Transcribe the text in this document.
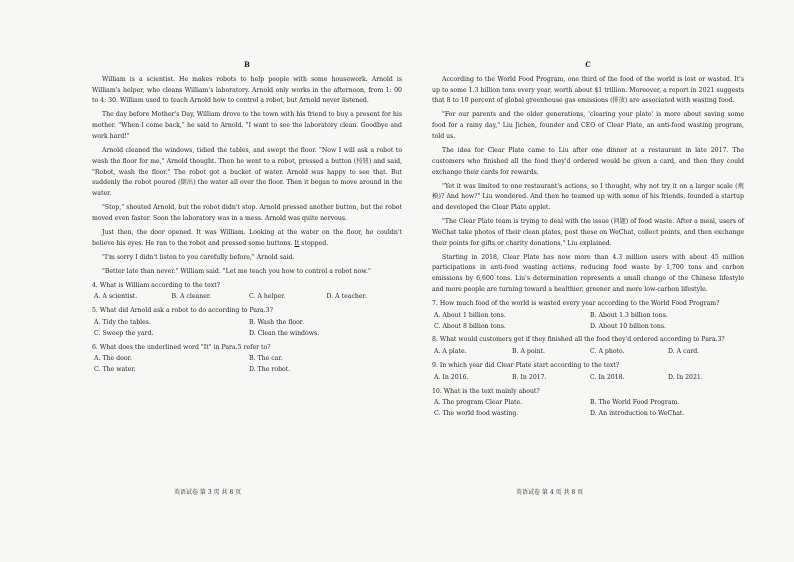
B
William is a scientist. He makes robots to help people with some housework. Arnold is William's helper, who cleans William's laboratory. Arnold only works in the afternoon, from 1: 00 to 4: 30. William used to teach Arnold how to control a robot, but Arnold never listened.
The day before Mother's Day, William drove to the town with his friend to buy a present for his mother. "When I come back," he said to Arnold. "I want to see the laboratory clean. Goodbye and work hard!"
Arnold cleaned the windows, tidied the tables, and swept the floor. "Now I will ask a robot to wash the floor for me," Arnold thought. Then he went to a robot, pressed a button (按钮) and said, "Robot, wash the floor." The robot got a bucket of water. Arnold was happy to see that. But suddenly the robot poured (倒出) the water all over the floor. Then it began to move around in the water.
"Stop," shouted Arnold, but the robot didn't stop. Arnold pressed another button, but the robot moved even faster. Soon the laboratory was in a mess. Arnold was quite nervous.
Just then, the door opened. It was William. Looking at the water on the floor, he couldn't believe his eyes. He ran to the robot and pressed some buttons. It stopped.
"I'm sorry I didn't listen to you carefully before," Arnold said.
"Better late than never." William said. "Let me teach you how to control a robot now."
4. What is William according to the text?
A. A scientist.	B. A cleaner.	C. A helper.	D. A teacher.
5. What did Arnold ask a robot to do according to Para.3?
A. Tidy the tables.	B. Wash the floor.
C. Sweep the yard.	D. Clean the windows.
6. What does the underlined word "It" in Para.5 refer to?
A. The door.	B. The car.
C. The water.	D. The robot.
英语试卷 第 3 页 共 8 页
C
According to the World Food Program, one third of the food of the world is lost or wasted. It's up to some 1.3 billion tons every year, worth about $1 trillion. Moreover, a report in 2021 suggests that 8 to 10 percent of global greenhouse gas emissions (排放) are associated with wasting food.
"For our parents and the older generations, 'clearing your plate' is more about saving some food for a rainy day," Liu Jichen, founder and CEO of Clear Plate, an anti-food wasting program, told us.
The idea for Clear Plate came to Liu after one dinner at a restaurant in late 2017. The customers who finished all the food they'd ordered would be given a card, and then they could exchange their cards for rewards.
"Yet it was limited to one restaurant's actions, so I thought, why not try it on a larger scale (规模)? And how?" Liu wondered. And then he teamed up with some of his friends, founded a startup and developed the Clear Plate applet.
"The Clear Plate team is trying to deal with the issue (问题) of food waste. After a meal, users of WeChat take photos of their clean plates, post these on WeChat, collect points, and then exchange their points for gifts or charity donations," Liu explained.
Starting in 2018, Clear Plate has now more than 4.3 million users with about 45 million participations in anti-food wasting actions, reducing food waste by 1,700 tons and carbon emissions by 6,600 tons. Liu's determination represents a small change of the Chinese lifestyle and more people are turning toward a healthier, greener and more low-carbon lifestyle.
7. How much food of the world is wasted every year according to the World Food Program?
A. About 1 billion tons.	B. About 1.3 billion tons.
C. About 8 billion tons.	D. About 10 billion tons.
8. What would customers get if they finished all the food they'd ordered according to Para.3?
A. A plate.	B. A point.	C. A photo.	D. A card.
9. In which year did Clear Plate start according to the text?
A. In 2016.	B. In 2017.	C. In 2018.	D. In 2021.
10. What is the text mainly about?
A. The program Clear Plate.	B. The World Food Program.
C. The world food wasting.	D. An introduction to WeChat.
英语试卷 第 4 页 共 8 页
